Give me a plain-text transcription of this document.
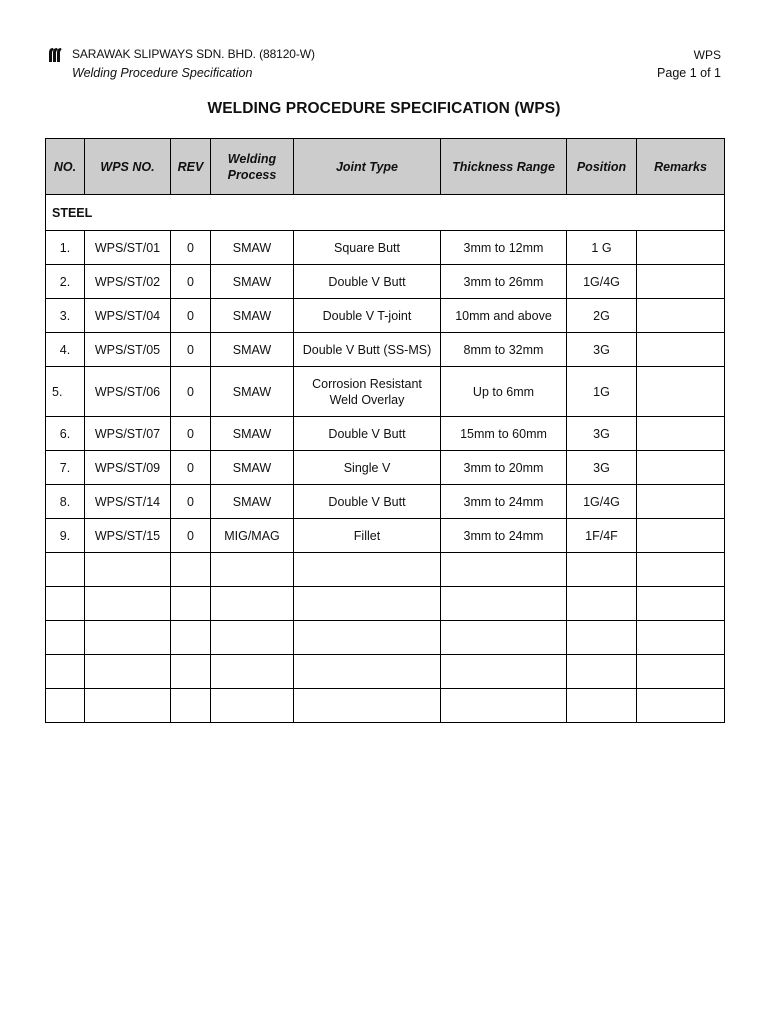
SARAWAK SLIPWAYS SDN. BHD. (88120-W)
Welding Procedure Specification
WPS
Page 1 of 1
WELDING PROCEDURE SPECIFICATION (WPS)
NO.	WPS NO.	REV	Welding Process	Joint Type	Thickness Range	Position	Remarks
STEEL							
1.	WPS/ST/01	0	SMAW	Square Butt	3mm to 12mm	1 G	
2.	WPS/ST/02	0	SMAW	Double V Butt	3mm to 26mm	1G/4G	
3.	WPS/ST/04	0	SMAW	Double V T-joint	10mm and above	2G	
4.	WPS/ST/05	0	SMAW	Double V Butt (SS-MS)	8mm to 32mm	3G	
5.	WPS/ST/06	0	SMAW	Corrosion Resistant Weld Overlay	Up to 6mm	1G	
6.	WPS/ST/07	0	SMAW	Double V Butt	15mm to 60mm	3G	
7.	WPS/ST/09	0	SMAW	Single V	3mm to 20mm	3G	
8.	WPS/ST/14	0	SMAW	Double V Butt	3mm to 24mm	1G/4G	
9.	WPS/ST/15	0	MIG/MAG	Fillet	3mm to 24mm	1F/4F	
